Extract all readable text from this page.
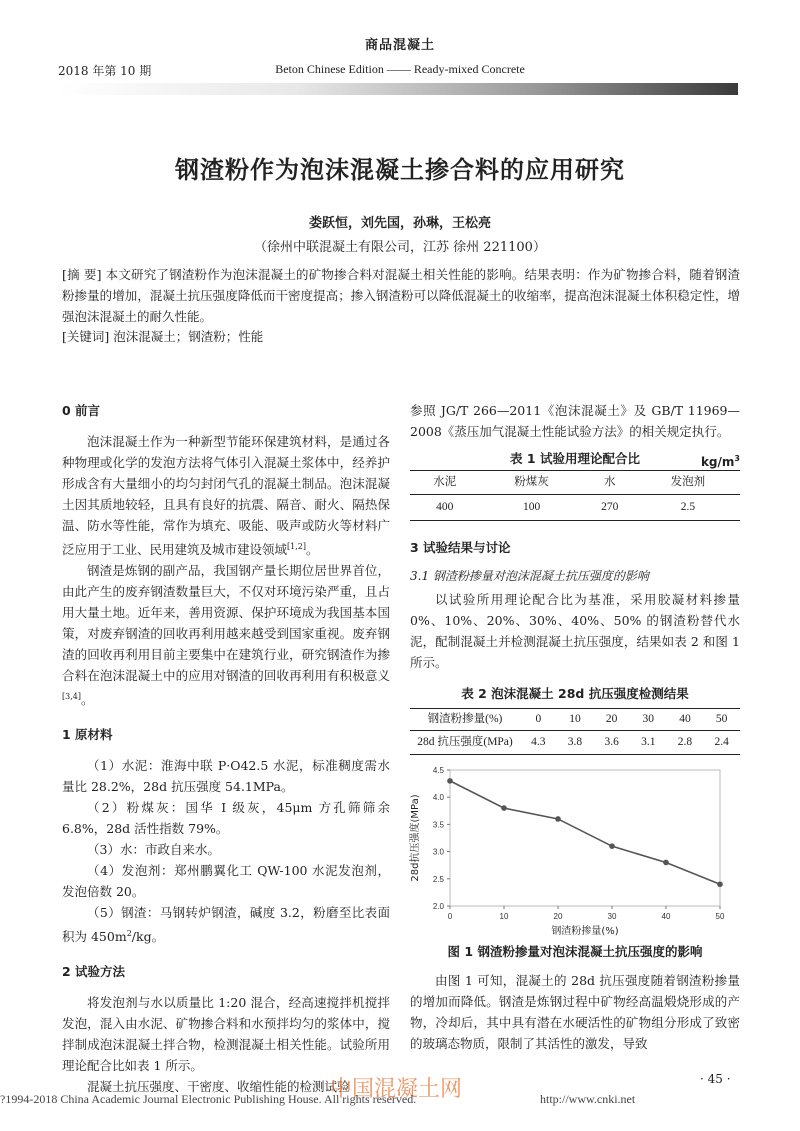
商品混凝土
2018 年第 10 期	Beton Chinese Edition —— Ready-mixed Concrete
钢渣粉作为泡沫混凝土掺合料的应用研究
娄跃恒，刘先国，孙琳，王松亮
（徐州中联混凝土有限公司，江苏 徐州 221100）
[摘 要] 本文研究了钢渣粉作为泡沫混凝土的矿物掺合料对混凝土相关性能的影响。结果表明：作为矿物掺合料，随着钢渣粉掺量的增加，混凝土抗压强度降低而干密度提高；掺入钢渣粉可以降低混凝土的收缩率，提高泡沫混凝土体积稳定性，增强泡沫混凝土的耐久性能。
[关键词] 泡沫混凝土；钢渣粉；性能
0 前言

泡沫混凝土作为一种新型节能环保建筑材料，是通过各种物理或化学的发泡方法将气体引入混凝土浆体中，经养护形成含有大量细小的均匀封闭气孔的混凝土制品。泡沫混凝土因其质地较轻，且具有良好的抗震、隔音、耐火、隔热保温、防水等性能，常作为填充、吸能、吸声或防火等材料广泛应用于工业、民用建筑及城市建设领域[1,2]。

钢渣是炼钢的副产品，我国钢产量长期位居世界首位，由此产生的废弃钢渣数量巨大，不仅对环境污染严重，且占用大量土地。近年来，善用资源、保护环境成为我国基本国策，对废弃钢渣的回收再利用越来越受到国家重视。废弃钢渣的回收再利用目前主要集中在建筑行业，研究钢渣作为掺合料在泡沫混凝土中的应用对钢渣的回收再利用有积极意义[3,4]。

1 原材料

（1）水泥：淮海中联 P·O42.5 水泥，标准稠度需水量比 28.2%，28d 抗压强度 54.1MPa。

（2）粉煤灰：国华 I 级灰，45μm 方孔筛筛余 6.8%，28d 活性指数 79%。

（3）水：市政自来水。

（4）发泡剂：郑州鹏翼化工 QW-100 水泥发泡剂，发泡倍数 20。

（5）钢渣：马钢转炉钢渣，碱度 3.2，粉磨至比表面积为 $450m^2/kg$。

2 试验方法

将发泡剂与水以质量比 1:20 混合，经高速搅拌机搅拌发泡，混入由水泥、矿物掺合料和水预拌均匀的浆体中，搅拌制成泡沫混凝土拌合物，检测混凝土相关性能。试验所用理论配合比如表 1 所示。

混凝土抗压强度、干密度、收缩性能的检测试验

参照 JG/T 266—2011《泡沫混凝土》及 GB/T 11969—2008《蒸压加气混凝土性能试验方法》的相关规定执行。

表 1 试验用理论配合比	$kg/m^3$
水泥	粉煤灰	水	发泡剂
400	100	270	2.5
3 试验结果与讨论
3.1 钢渣粉掺量对泡沫混凝土抗压强度的影响

以试验所用理论配合比为基准，采用胶凝材料掺量 0%、10%、20%、30%、40%、50% 的钢渣粉替代水泥，配制混凝土并检测混凝土抗压强度，结果如表 2 和图 1 所示。

表 2 泡沫混凝土 28d 抗压强度检测结果
钢渣粉掺量(%)	0	10	20	30	40	50
28d 抗压强度(MPa)	4.3	3.8	3.6	3.1	2.8	2.4
2.0
2.5
3.0
3.5
4.0
4.5
0	10	20	30	40	50
钢渣粉掺量(%)
28d抗压强度(MPa)
图 1 钢渣粉掺量对泡沫混凝土抗压强度的影响

由图 1 可知，混凝土的 28d 抗压强度随着钢渣粉掺量的增加而降低。钢渣是炼钢过程中矿物经高温煅烧形成的产物，冷却后，其中具有潜在水硬活性的矿物组分形成了致密的玻璃态物质，限制了其活性的激发，导致

· 45 ·
中国混凝土网
?1994-2018 China Academic Journal Electronic Publishing House. All rights reserved.	http://www.cnki.net
